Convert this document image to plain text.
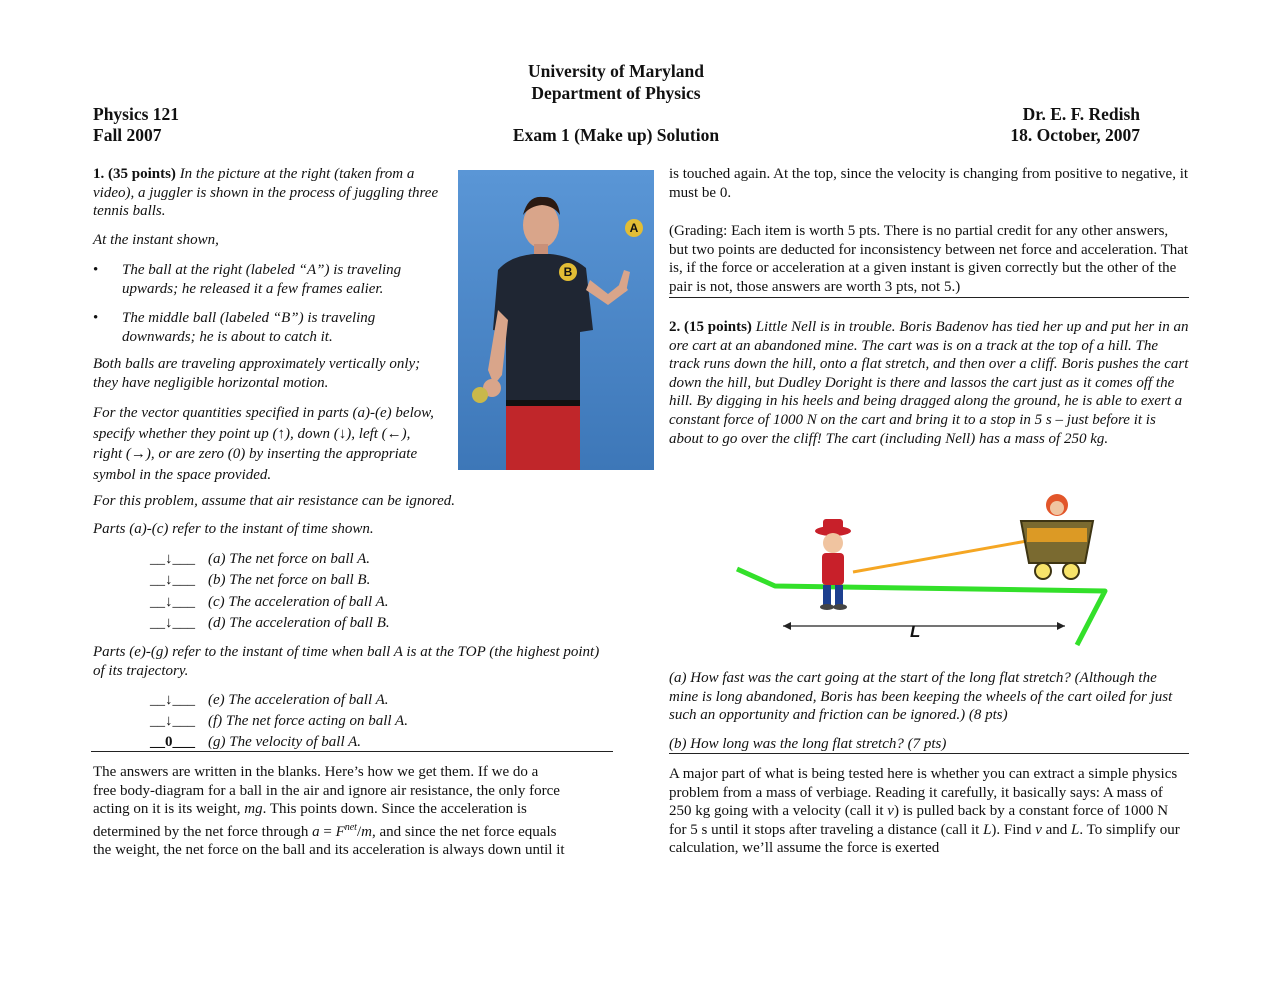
University of Maryland
Department of Physics
Physics 121
Fall 2007	Exam 1 (Make up) Solution
Dr. E. F. Redish
18. October, 2007

1. (35 points) In the picture at the right (taken from a video), a juggler is shown in the process of juggling three tennis balls.

At the instant shown,

• The ball at the right (labeled “A”) is traveling upwards; he released it a few frames ealier.
• The middle ball (labeled “B”) is traveling downwards; he is about to catch it.

Both balls are traveling approximately vertically only; they have negligible horizontal motion.

For the vector quantities specified in parts (a)-(e) below, specify whether they point up (↑), down (↓), left (←), right (→), or are zero (0) by inserting the appropriate symbol in the space provided.

For this problem, assume that air resistance can be ignored.

Parts (a)-(c) refer to the instant of time shown.

__↓___ (a) The net force on ball A.
__↓___ (b) The net force on ball B.
__↓___ (c) The acceleration of ball A.
__↓___ (d) The acceleration of ball B.

Parts (e)-(g) refer to the instant of time when ball A is at the TOP (the highest point) of its trajectory.

__↓___ (e) The acceleration of ball A.
__↓___ (f) The net force acting on ball A.
__0___ (g) The velocity of ball A.
The answers are written in the blanks. Here’s how we get them. If we do a
free body-diagram for a ball in the air and ignore air resistance, the only force
acting on it is its weight, mg. This points down. Since the acceleration is
determined by the net force through $a = F^{net}/m$, and since the net force equals
the weight, the net force on the ball and its acceleration is always down until it
A
B

is touched again. At the top, since the velocity is changing from positive to negative, it must be 0.

(Grading: Each item is worth 5 pts. There is no partial credit for any other answers, but two points are deducted for inconsistency between net force and acceleration. That is, if the force or acceleration at a given instant is given correctly but the other of the pair is not, those answers are worth 3 pts, not 5.)

2. (15 points) Little Nell is in trouble. Boris Badenov has tied her up and put her in an ore cart at an abandoned mine. The cart was is on a track at the top of a hill. The track runs down the hill, onto a flat stretch, and then over a cliff. Boris pushes the cart down the hill, but Dudley Doright is there and lassos the cart just as it comes off the hill. By digging in his heels and being dragged along the ground, he is able to exert a constant force of 1000 N on the cart and bring it to a stop in 5 s – just before it is about to go over the cliff! The cart (including Nell) has a mass of 250 kg.

L

(a) How fast was the cart going at the start of the long flat stretch? (Although the mine is long abandoned, Boris has been keeping the wheels of the cart oiled for just such an opportunity and friction can be ignored.) (8 pts)

(b) How long was the long flat stretch? (7 pts)

A major part of what is being tested here is whether you can extract a simple physics problem from a mass of verbiage. Reading it carefully, it basically says: A mass of 250 kg going with a velocity (call it v) is pulled back by a constant force of 1000 N for 5 s until it stops after traveling a distance (call it L). Find v and L. To simplify our calculation, we’ll assume the force is exerted
